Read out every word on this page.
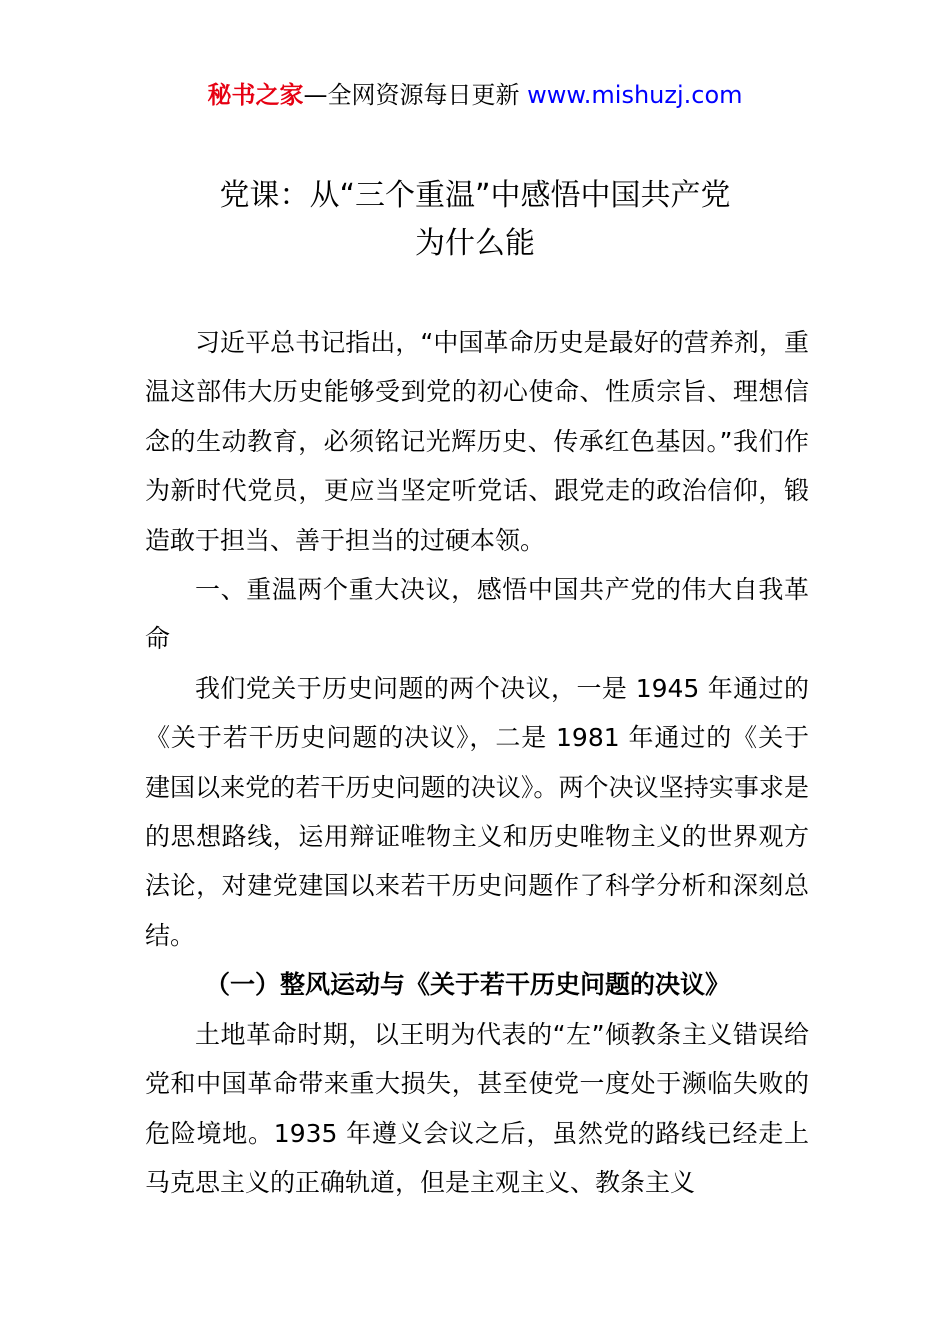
秘书之家—全网资源每日更新 www.mishuzj.com
党课：从“三个重温”中感悟中国共产党
为什么能

习近平总书记指出，“中国革命历史是最好的营养剂，重温这部伟大历史能够受到党的初心使命、性质宗旨、理想信念的生动教育，必须铭记光辉历史、传承红色基因。”我们作为新时代党员，更应当坚定听党话、跟党走的政治信仰，锻造敢于担当、善于担当的过硬本领。

一、重温两个重大决议，感悟中国共产党的伟大自我革命

我们党关于历史问题的两个决议，一是 1945 年通过的《关于若干历史问题的决议》，二是 1981 年通过的《关于建国以来党的若干历史问题的决议》。两个决议坚持实事求是的思想路线，运用辩证唯物主义和历史唯物主义的世界观方法论，对建党建国以来若干历史问题作了科学分析和深刻总结。

（一）整风运动与《关于若干历史问题的决议》

土地革命时期，以王明为代表的“左”倾教条主义错误给党和中国革命带来重大损失，甚至使党一度处于濒临失败的危险境地。1935 年遵义会议之后，虽然党的路线已经走上马克思主义的正确轨道，但是主观主义、教条主义
